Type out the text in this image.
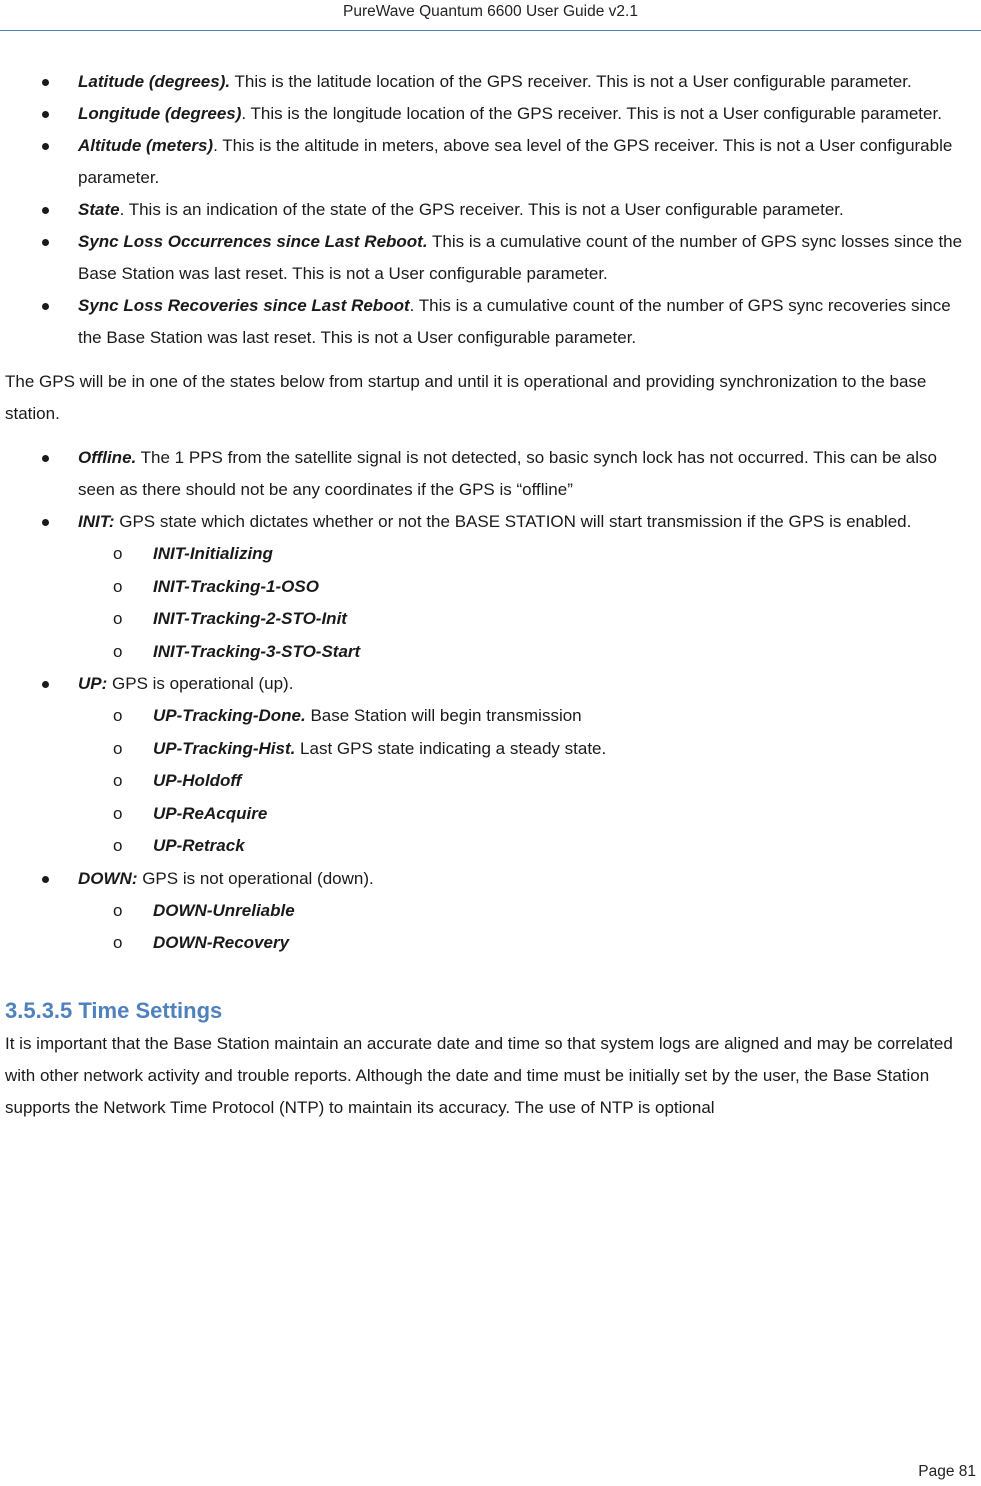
PureWave Quantum 6600 User Guide v2.1
Latitude (degrees). This is the latitude location of the GPS receiver. This is not a User configurable parameter.
Longitude (degrees). This is the longitude location of the GPS receiver. This is not a User configurable parameter.
Altitude (meters). This is the altitude in meters, above sea level of the GPS receiver. This is not a User configurable parameter.
State. This is an indication of the state of the GPS receiver. This is not a User configurable parameter.
Sync Loss Occurrences since Last Reboot. This is a cumulative count of the number of GPS sync losses since the Base Station was last reset. This is not a User configurable parameter.
Sync Loss Recoveries since Last Reboot. This is a cumulative count of the number of GPS sync recoveries since the Base Station was last reset. This is not a User configurable parameter.
The GPS will be in one of the states below from startup and until it is operational and providing synchronization to the base station.
Offline. The 1 PPS from the satellite signal is not detected, so basic synch lock has not occurred. This can be also seen as there should not be any coordinates if the GPS is “offline”
INIT: GPS state which dictates whether or not the BASE STATION will start transmission if the GPS is enabled.
o INIT-Initializing
o INIT-Tracking-1-OSO
o INIT-Tracking-2-STO-Init
o INIT-Tracking-3-STO-Start
UP: GPS is operational (up).
o UP-Tracking-Done. Base Station will begin transmission
o UP-Tracking-Hist. Last GPS state indicating a steady state.
o UP-Holdoff
o UP-ReAcquire
o UP-Retrack
DOWN: GPS is not operational (down).
o DOWN-Unreliable
o DOWN-Recovery
3.5.3.5 Time Settings
It is important that the Base Station maintain an accurate date and time so that system logs are aligned and may be correlated with other network activity and trouble reports. Although the date and time must be initially set by the user, the Base Station supports the Network Time Protocol (NTP) to maintain its accuracy. The use of NTP is optional
Page 81
